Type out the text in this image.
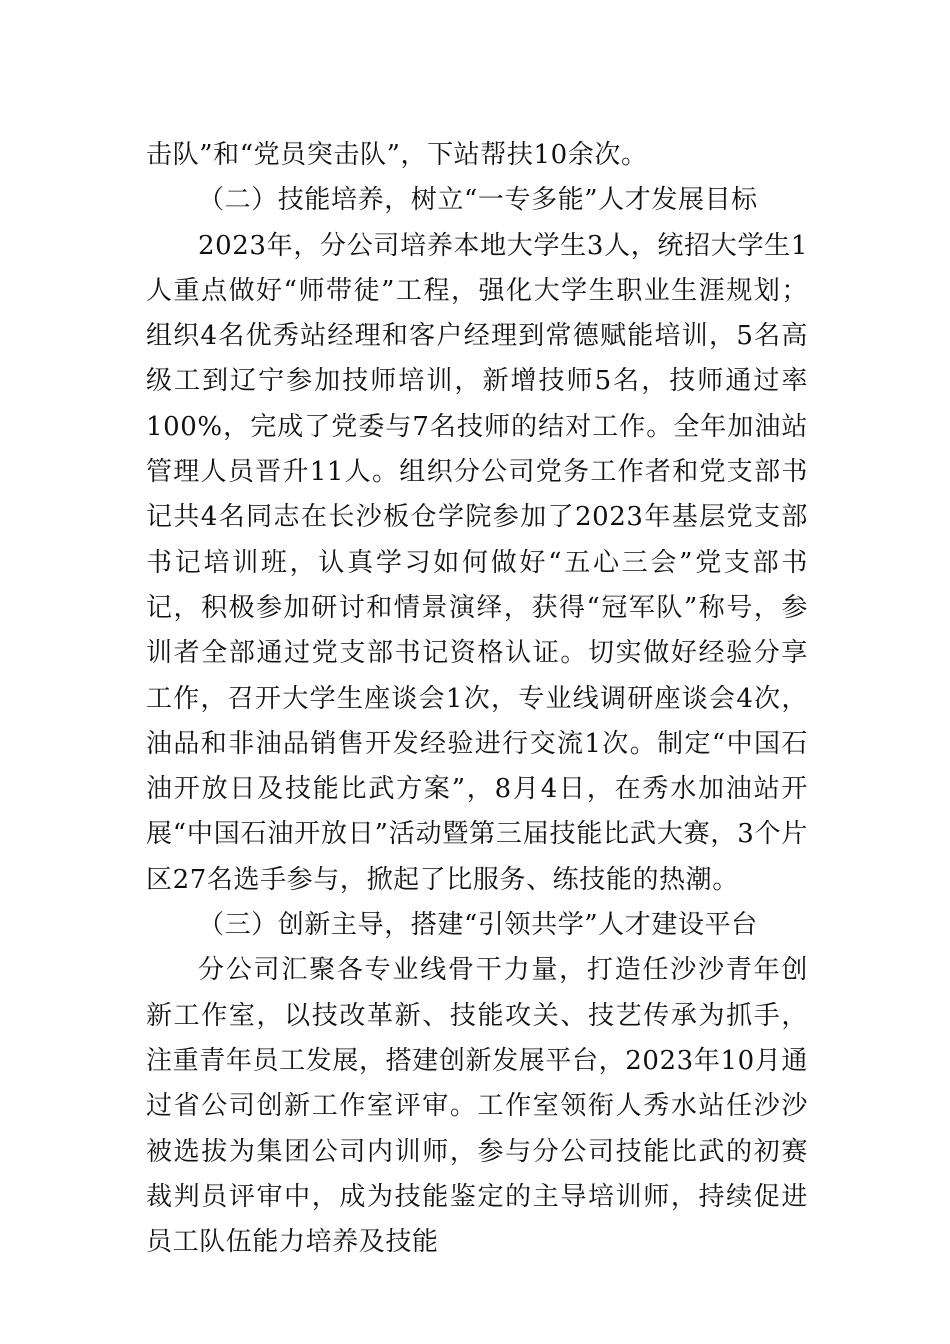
击队”和“党员突击队”，下站帮扶10余次。

（二）技能培养，树立“一专多能”人才发展目标

2023年，分公司培养本地大学生3人，统招大学生1人重点做好“师带徒”工程，强化大学生职业生涯规划；组织4名优秀站经理和客户经理到常德赋能培训，5名高级工到辽宁参加技师培训，新增技师5名，技师通过率100%，完成了党委与7名技师的结对工作。全年加油站管理人员晋升11人。组织分公司党务工作者和党支部书记共4名同志在长沙板仓学院参加了2023年基层党支部书记培训班，认真学习如何做好“五心三会”党支部书记，积极参加研讨和情景演绎，获得“冠军队”称号，参训者全部通过党支部书记资格认证。切实做好经验分享工作，召开大学生座谈会1次，专业线调研座谈会4次，油品和非油品销售开发经验进行交流1次。制定“中国石油开放日及技能比武方案”，8月4日，在秀水加油站开展“中国石油开放日”活动暨第三届技能比武大赛，3个片区27名选手参与，掀起了比服务、练技能的热潮。

（三）创新主导，搭建“引领共学”人才建设平台

分公司汇聚各专业线骨干力量，打造任沙沙青年创新工作室，以技改革新、技能攻关、技艺传承为抓手，注重青年员工发展，搭建创新发展平台，2023年10月通过省公司创新工作室评审。工作室领衔人秀水站任沙沙被选拔为集团公司内训师，参与分公司技能比武的初赛裁判员评审中，成为技能鉴定的主导培训师，持续促进员工队伍能力培养及技能
